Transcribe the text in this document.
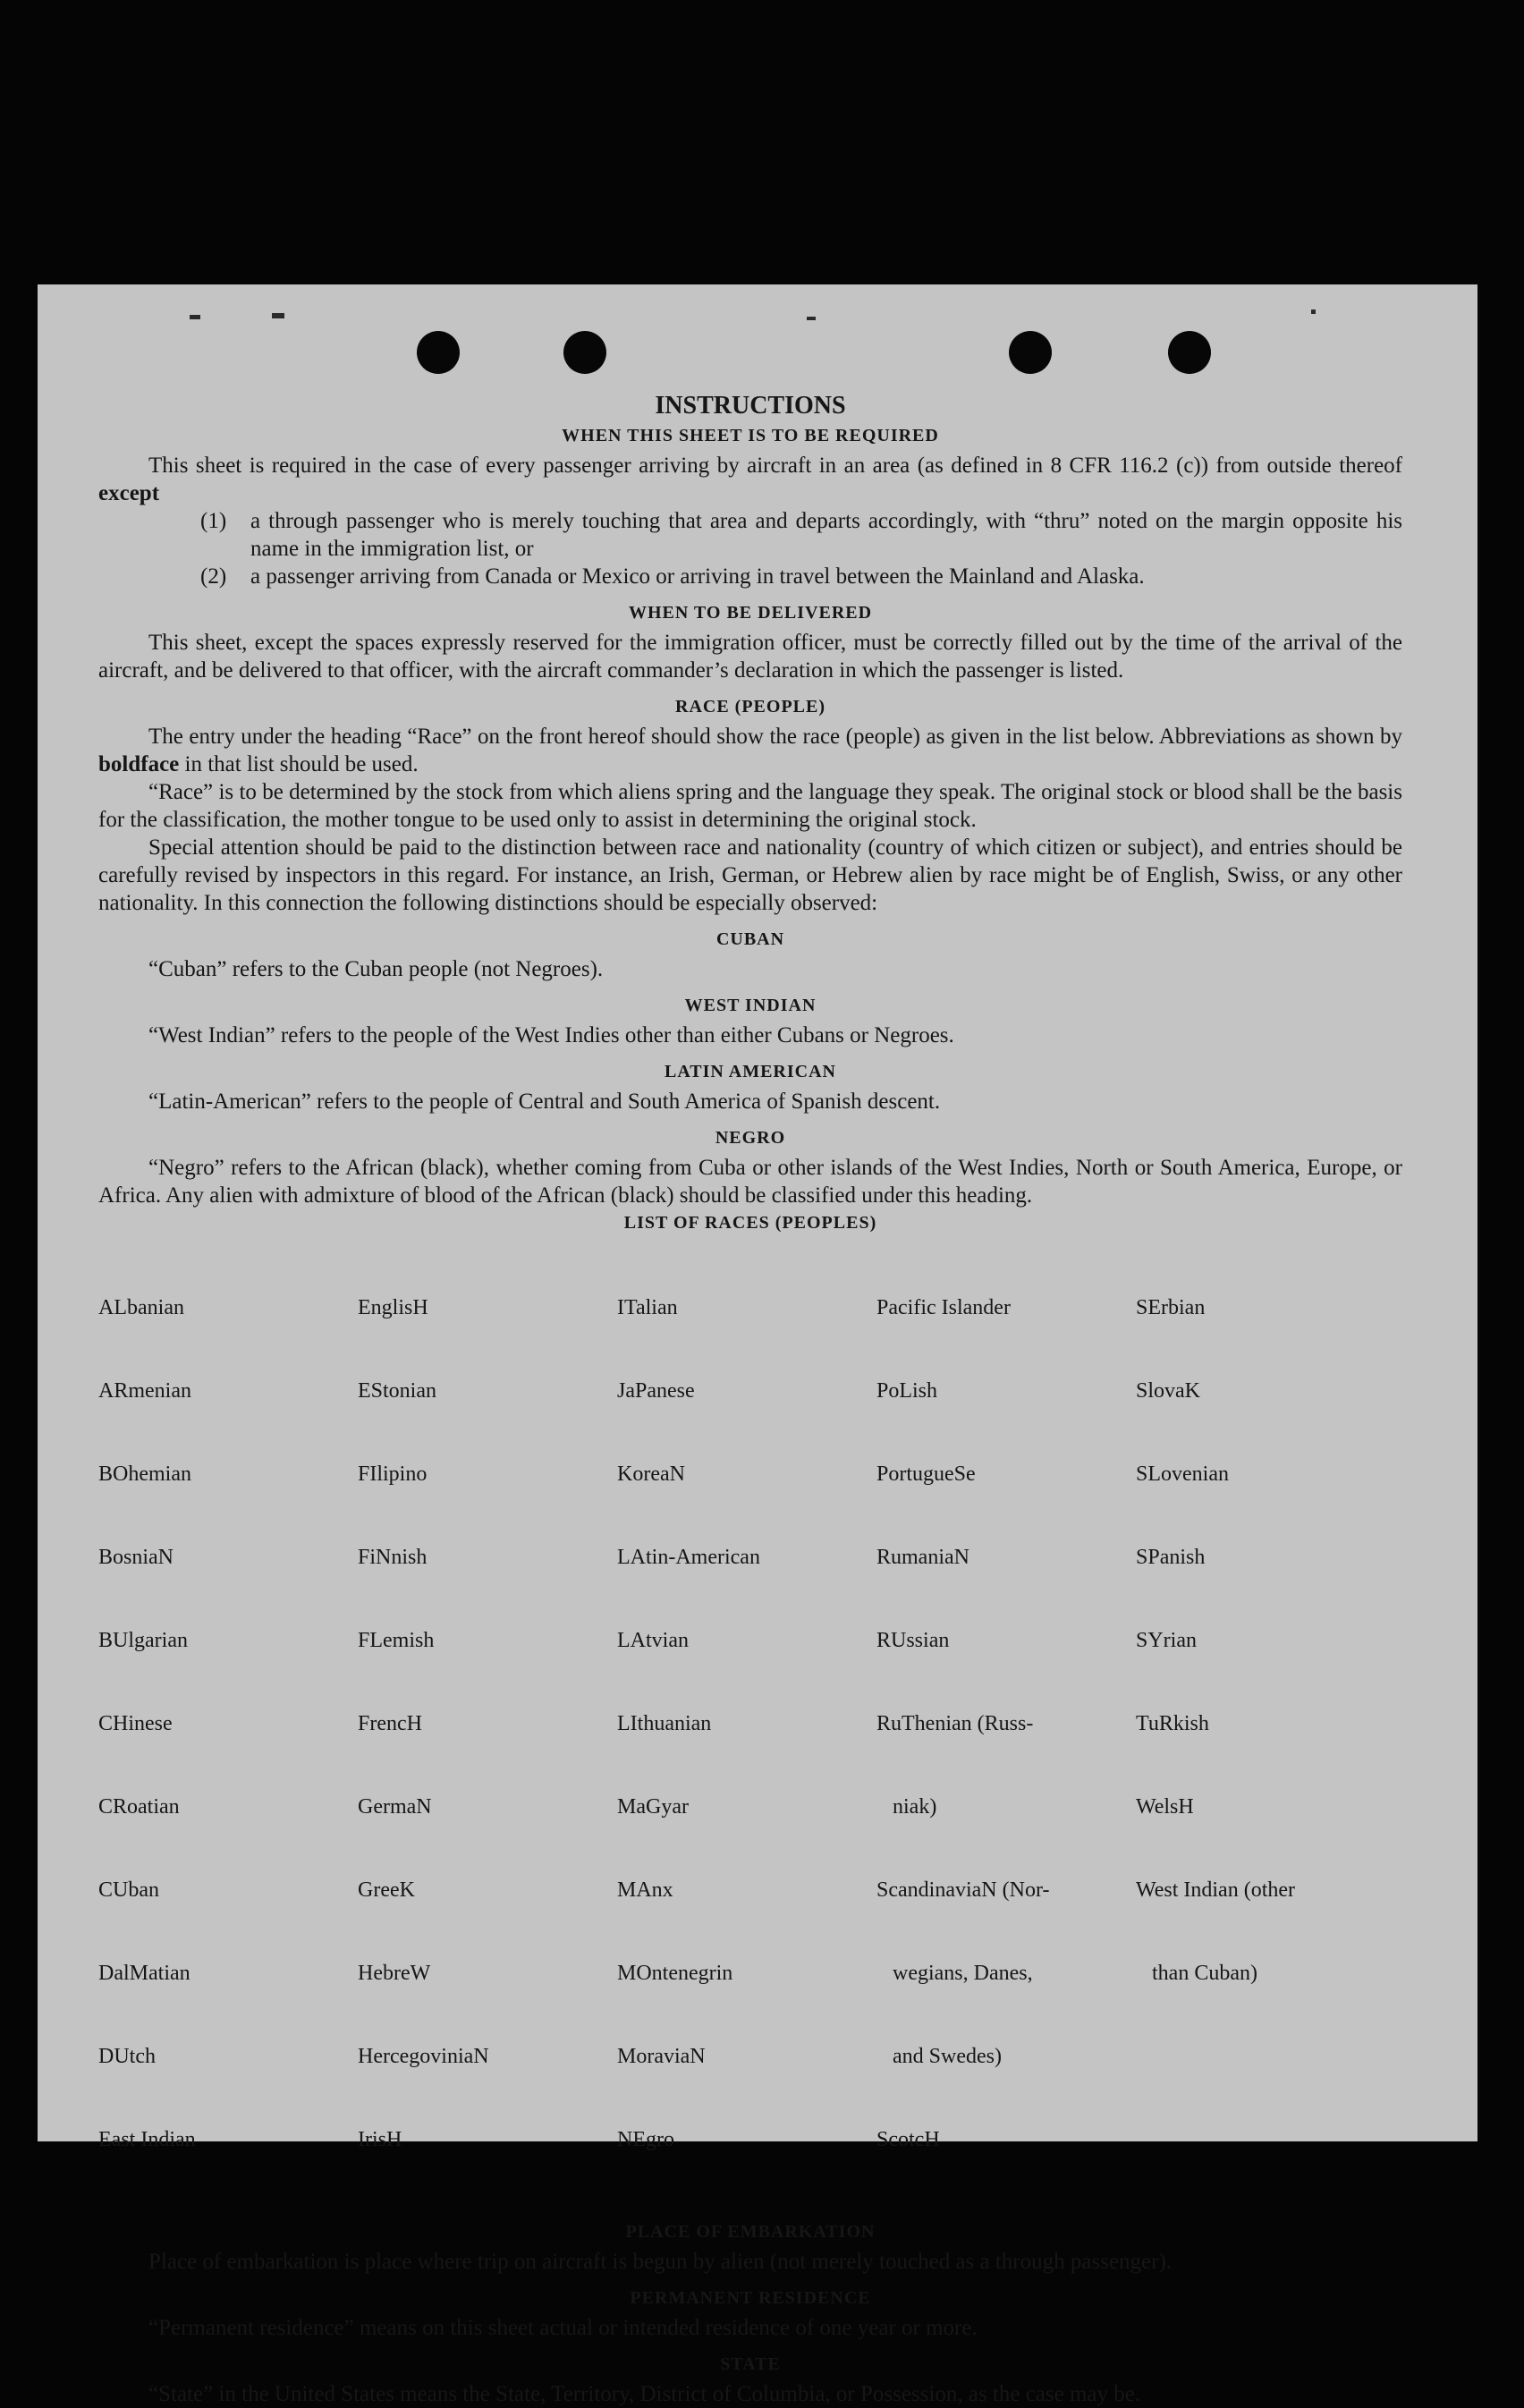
INSTRUCTIONS
WHEN THIS SHEET IS TO BE REQUIRED

This sheet is required in the case of every passenger arriving by aircraft in an area (as defined in 8 CFR 116.2 (c)) from outside thereof except

(1)	a through passenger who is merely touching that area and departs accordingly, with “thru” noted on the margin opposite his name in the immigration list, or
(2)	a passenger arriving from Canada or Mexico or arriving in travel between the Mainland and Alaska.
WHEN TO BE DELIVERED

This sheet, except the spaces expressly reserved for the immigration officer, must be correctly filled out by the time of the arrival of the aircraft, and be delivered to that officer, with the aircraft commander’s declaration in which the passenger is listed.

RACE (PEOPLE)

The entry under the heading “Race” on the front hereof should show the race (people) as given in the list below. Abbreviations as shown by boldface in that list should be used.

“Race” is to be determined by the stock from which aliens spring and the language they speak. The original stock or blood shall be the basis for the classification, the mother tongue to be used only to assist in determining the original stock.

Special attention should be paid to the distinction between race and nationality (country of which citizen or subject), and entries should be carefully revised by inspectors in this regard. For instance, an Irish, German, or Hebrew alien by race might be of English, Swiss, or any other nationality. In this connection the following distinctions should be especially observed:

CUBAN

“Cuban” refers to the Cuban people (not Negroes).

WEST INDIAN

“West Indian” refers to the people of the West Indies other than either Cubans or Negroes.

LATIN AMERICAN

“Latin-American” refers to the people of Central and South America of Spanish descent.

NEGRO

“Negro” refers to the African (black), whether coming from Cuba or other islands of the West Indies, North or South America, Europe, or Africa. Any alien with admixture of blood of the African (black) should be classified under this heading.

LIST OF RACES (PEOPLES)

ALbanian

ARmenian

BOhemian

BosniaN

BUlgarian

CHinese

CRoatian

CUban

DalMatian

DUtch

East Indian

EnglisH

EStonian

FIlipino

FiNnish

FLemish

FrencH

GermaN

GreeK

HebreW

HercegoviniaN

IrisH

ITalian

JaPanese

KoreaN

LAtin-American

LAtvian

LIthuanian

MaGyar

MAnx

MOntenegrin

MoraviaN

NEgro

Pacific Islander

PoLish

PortugueSe

RumaniaN

RUssian

RuThenian (Russ-

niak)

ScandinaviaN (Nor-

wegians, Danes,

and Swedes)

ScotcH

SErbian

SlovaK

SLovenian

SPanish

SYrian

TuRkish

WelsH

West Indian (other

than Cuban)

PLACE OF EMBARKATION

Place of embarkation is place where trip on aircraft is begun by alien (not merely touched as a through passenger).

PERMANENT RESIDENCE

“Permanent residence” means on this sheet actual or intended residence of one year or more.

STATE

“State” in the United States means the State, Territory, District of Columbia, or Possession, as the case may be.
